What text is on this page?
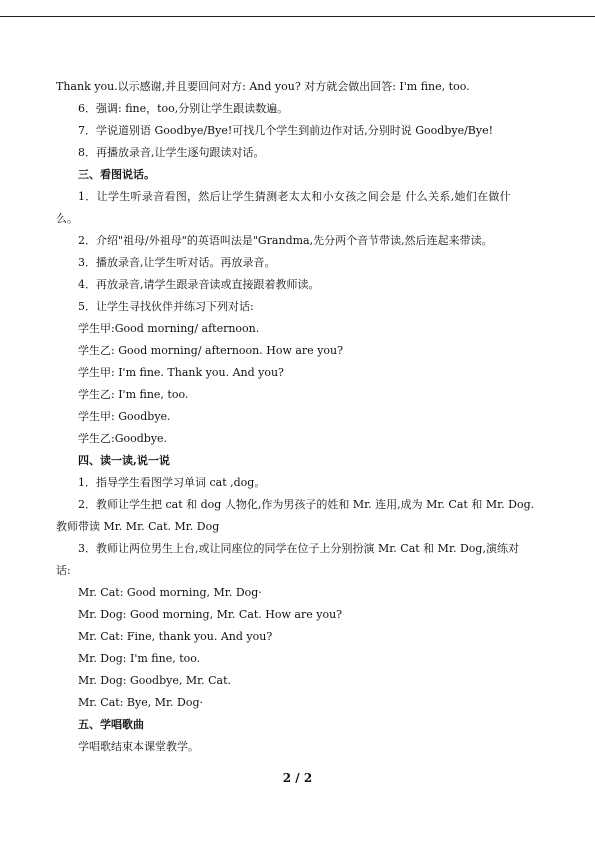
Thank you.以示感谢,并且要回问对方: And you? 对方就会做出回答: I'm fine, too.
6．强调: fine，too,分别让学生跟读数遍。
7．学说道别语 Goodbye/Bye!可找几个学生到前边作对话,分别时说 Goodbye/Bye!
8．再播放录音,让学生逐句跟读对话。
三、看图说话。
1．让学生听录音看图，然后让学生猜测老太太和小女孩之间会是 什么关系,她们在做什
么。
2．介绍"祖母/外祖母"的英语叫法是"Grandma,先分两个音节带读,然后连起来带读。
3．播放录音,让学生听对话。再放录音。
4．再放录音,请学生跟录音读或直接跟着教师读。
5．让学生寻找伙伴并练习下列对话:
学生甲:Good morning/ afternoon.
学生乙: Good morning/ afternoon. How are you?
学生甲: I'm fine. Thank you. And you?
学生乙: I'm fine, too.
学生甲: Goodbye.
学生乙:Goodbye.
四、读一读,说一说
1．指导学生看图学习单词 cat ,dog。
2．教师让学生把 cat 和 dog 人物化,作为男孩子的姓和 Mr. 连用,成为 Mr. Cat 和 Mr. Dog.
教师带读 Mr. Mr. Cat. Mr. Dog
3．教师让两位男生上台,或让同座位的同学在位子上分别扮演 Mr. Cat 和 Mr. Dog,演练对
话:
Mr. Cat: Good morning, Mr. Dog·
Mr. Dog: Good morning, Mr. Cat. How are you?
Mr. Cat: Fine, thank you. And you?
Mr. Dog: I'm fine, too.
Mr. Dog: Goodbye, Mr. Cat.
Mr. Cat: Bye, Mr. Dog·
五、学唱歌曲
学唱歌结束本课堂教学。
2 / 2
